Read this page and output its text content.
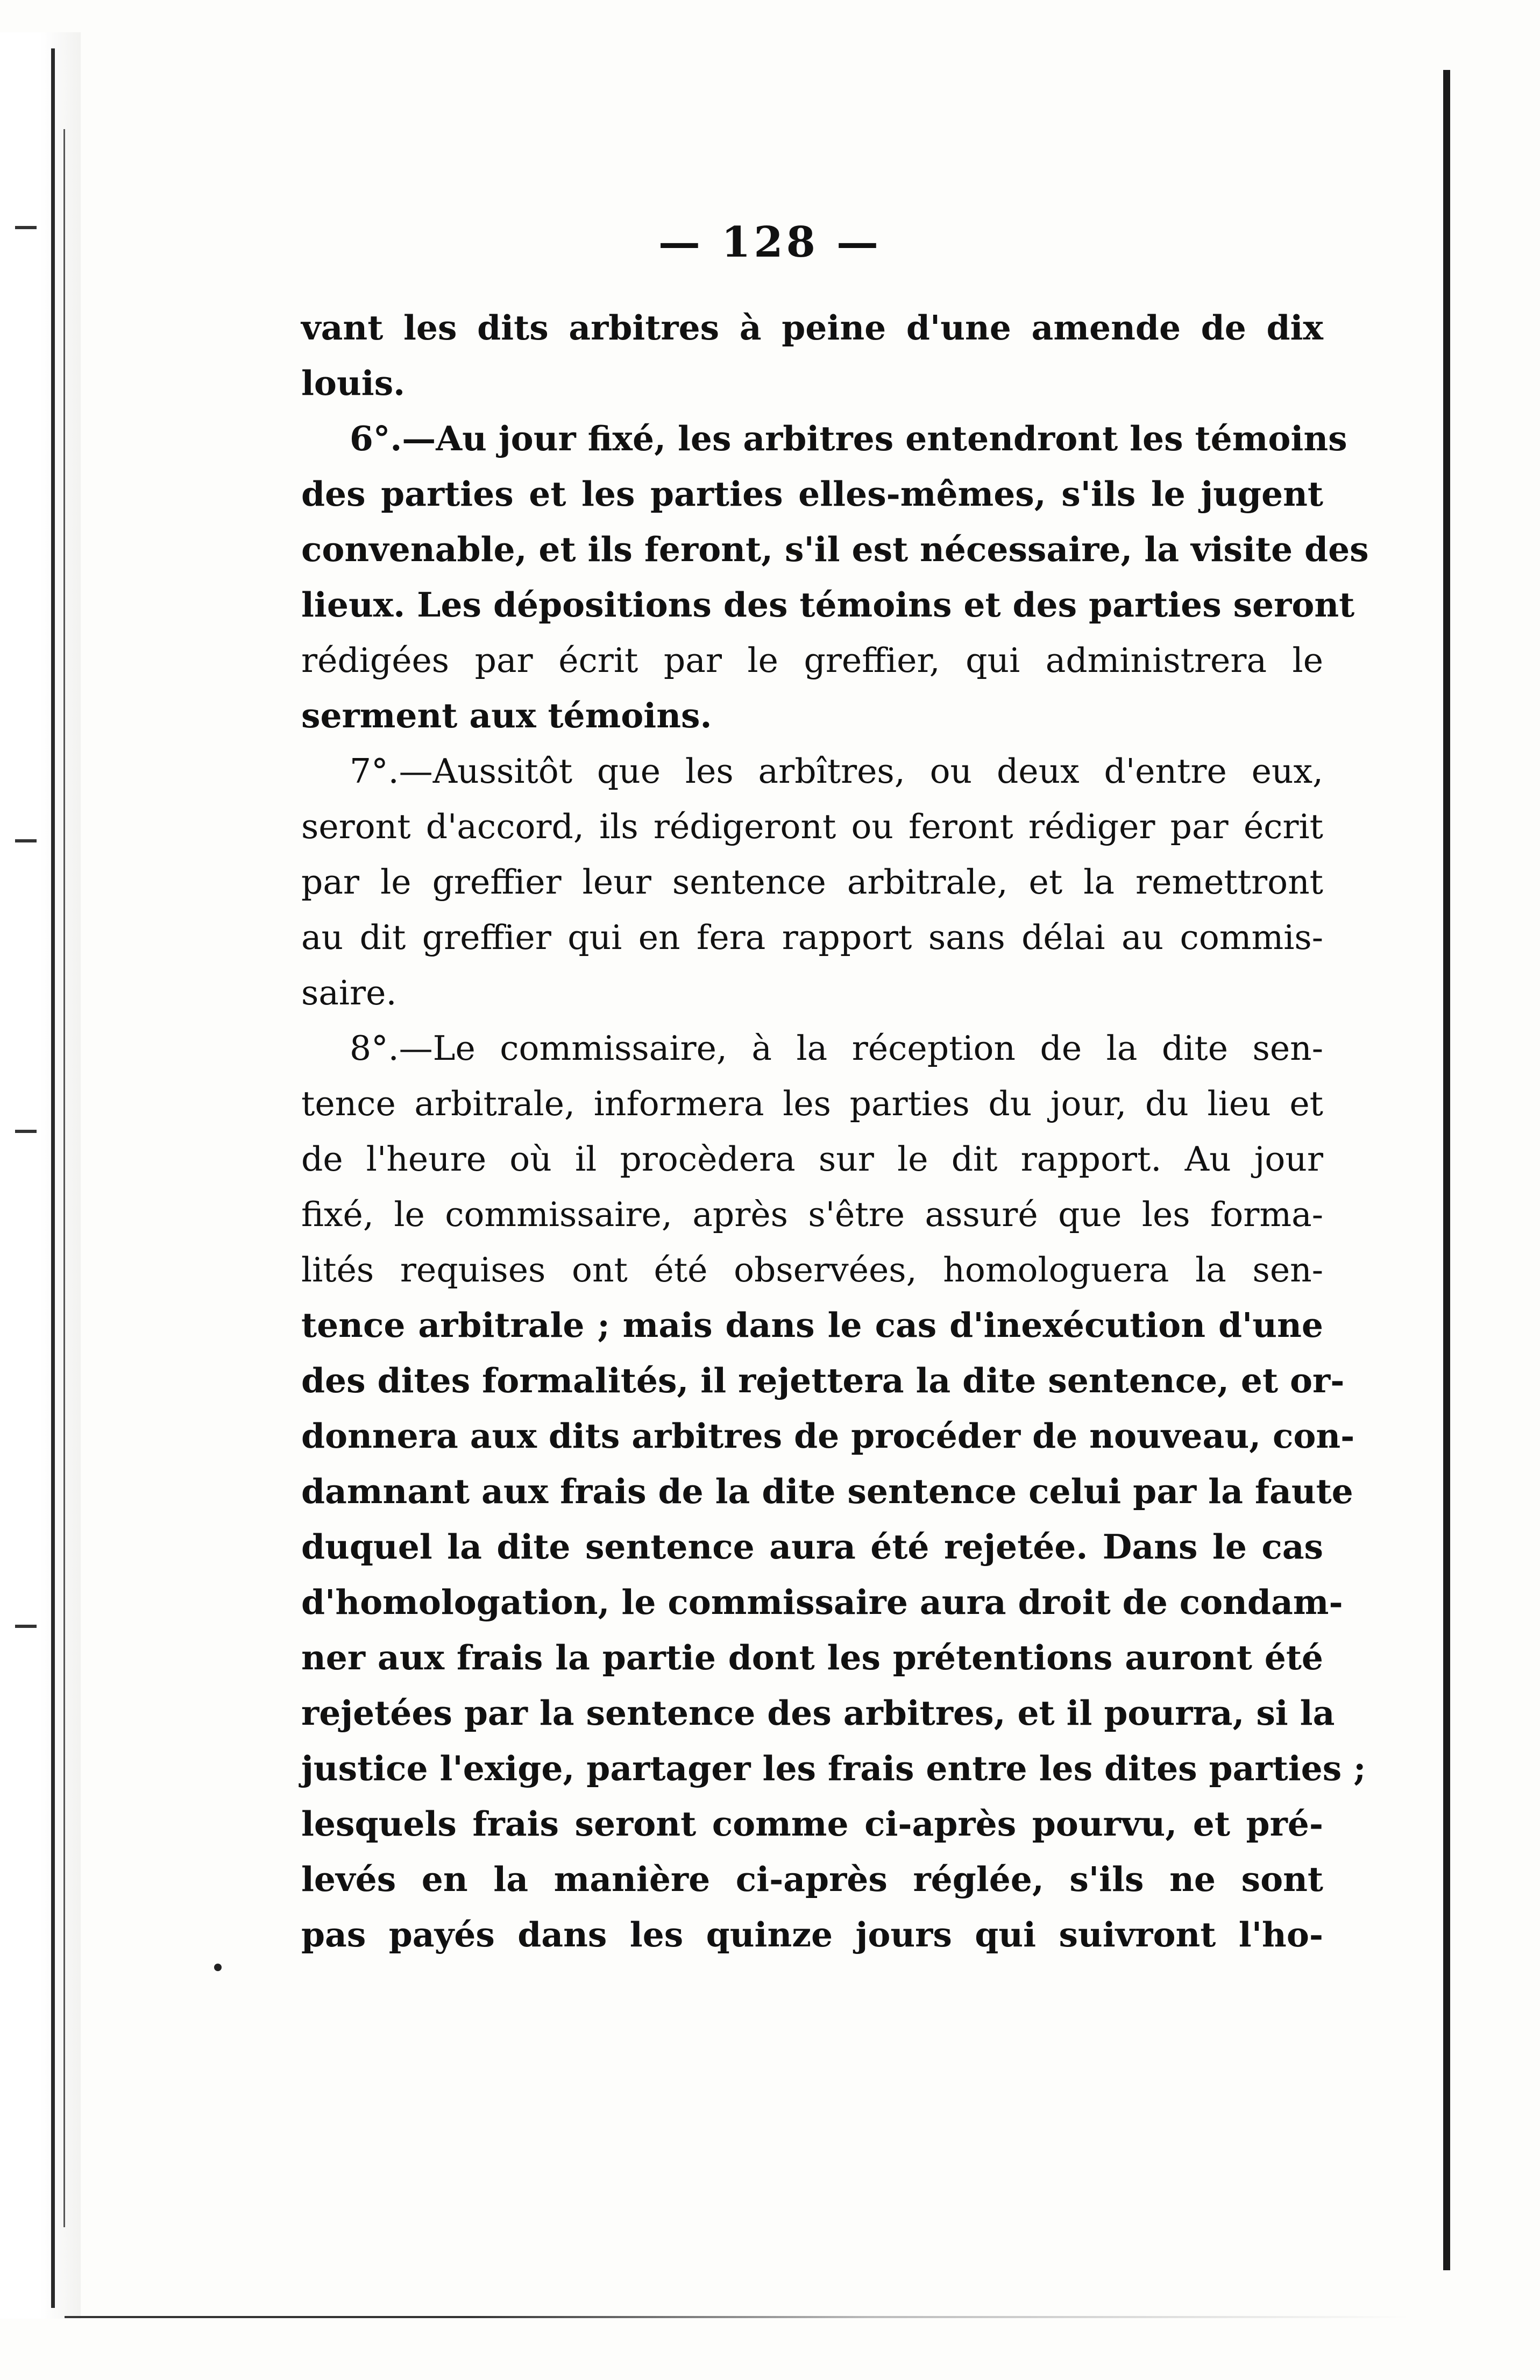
— 128 —
vant les dits arbitres à peine d'une amende de dix
louis.
6°.—Au jour fixé, les arbitres entendront les témoins
des parties et les parties elles-mêmes, s'ils le jugent
convenable, et ils feront, s'il est nécessaire, la visite des
lieux. Les dépositions des témoins et des parties seront
rédigées par écrit par le greffier, qui administrera le
serment aux témoins.
7°.—Aussitôt que les arbîtres, ou deux d'entre eux,
seront d'accord, ils rédigeront ou feront rédiger par écrit
par le greffier leur sentence arbitrale, et la remettront
au dit greffier qui en fera rapport sans délai au commis-
saire.
8°.—Le commissaire, à la réception de la dite sen-
tence arbitrale, informera les parties du jour, du lieu et
de l'heure où il procèdera sur le dit rapport. Au jour
fixé, le commissaire, après s'être assuré que les forma-
lités requises ont été observées, homologuera la sen-
tence arbitrale ; mais dans le cas d'inexécution d'une
des dites formalités, il rejettera la dite sentence, et or-
donnera aux dits arbitres de procéder de nouveau, con-
damnant aux frais de la dite sentence celui par la faute
duquel la dite sentence aura été rejetée. Dans le cas
d'homologation, le commissaire aura droit de condam-
ner aux frais la partie dont les prétentions auront été
rejetées par la sentence des arbitres, et il pourra, si la
justice l'exige, partager les frais entre les dites parties ;
lesquels frais seront comme ci-après pourvu, et pré-
levés en la manière ci-après réglée, s'ils ne sont
pas payés dans les quinze jours qui suivront l'ho-
